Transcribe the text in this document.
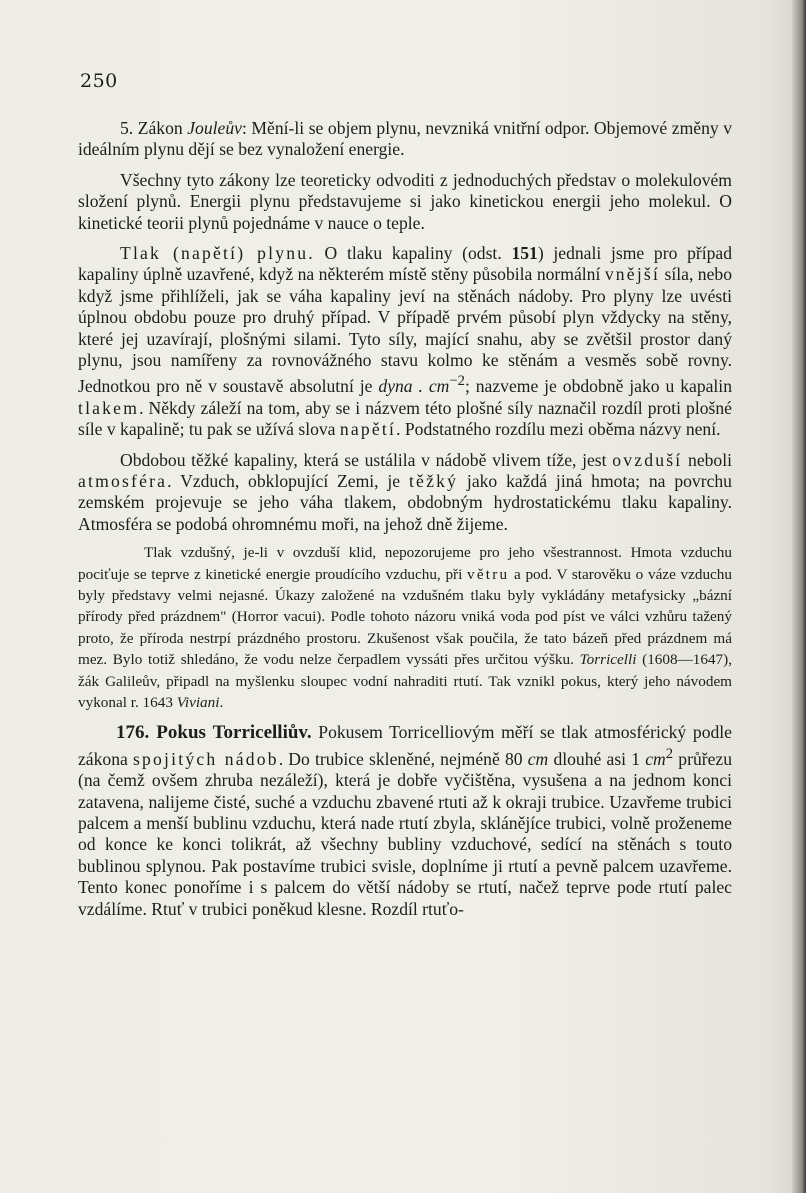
250

5. Zákon Jouleův: Mění-li se objem plynu, nevzniká vnitřní odpor. Objemové změny v ideálním plynu dějí se bez vynaložení energie.

Všechny tyto zákony lze teoreticky odvoditi z jednoduchých představ o molekulovém složení plynů. Energii plynu představujeme si jako kinetickou energii jeho molekul. O kinetické teorii plynů pojednáme v nauce o teple.

Tlak (napětí) plynu. O tlaku kapaliny (odst. 151) jednali jsme pro případ kapaliny úplně uzavřené, když na některém místě stěny působila normální vnější síla, nebo když jsme přihlíželi, jak se váha kapaliny jeví na stěnách nádoby. Pro plyny lze uvésti úplnou obdobu pouze pro druhý případ. V případě prvém působí plyn vždycky na stěny, které jej uzavírají, plošnými silami. Tyto síly, mající snahu, aby se zvětšil prostor daný plynu, jsou namířeny za rovnovážného stavu kolmo ke stěnám a vesměs sobě rovny. Jednotkou pro ně v soustavě absolutní je dyna . $cm^{-2}$; nazveme je obdobně jako u kapalin tlakem. Někdy záleží na tom, aby se i názvem této plošné síly naznačil rozdíl proti plošné síle v kapalině; tu pak se užívá slova napětí. Podstatného rozdílu mezi oběma názvy není.

Obdobou těžké kapaliny, která se ustálila v nádobě vlivem tíže, jest ovzduší neboli atmosféra. Vzduch, obklopující Zemi, je těžký jako každá jiná hmota; na povrchu zemském projevuje se jeho váha tlakem, obdobným hydrostatickému tlaku kapaliny. Atmosféra se podobá ohromnému moři, na jehož dně žijeme.

Tlak vzdušný, je-li v ovzduší klid, nepozorujeme pro jeho všestrannost. Hmota vzduchu pociťuje se teprve z kinetické energie proudícího vzduchu, při větru a pod. V starověku o váze vzduchu byly představy velmi nejasné. Úkazy založené na vzdušném tlaku byly vykládány metafysicky „bázní přírody před prázdnem" (Horror vacui). Podle tohoto názoru vniká voda pod píst ve válci vzhůru tažený proto, že příroda nestrpí prázdného prostoru. Zkušenost však poučila, že tato bázeň před prázdnem má mez. Bylo totiž shledáno, že vodu nelze čerpadlem vyssáti přes určitou výšku. Torricelli (1608—1647), žák Galileův, připadl na myšlenku sloupec vodní nahraditi rtutí. Tak vznikl pokus, který jeho návodem vykonal r. 1643 Viviani.

176. Pokus Torricelliův. Pokusem Torricelliovým měří se tlak atmosférický podle zákona spojitých nádob. Do trubice skleněné, nejméně 80 cm dlouhé asi 1 $cm^2$ průřezu (na čemž ovšem zhruba nezáleží), která je dobře vyčištěna, vysušena a na jednom konci zatavena, nalijeme čisté, suché a vzduchu zbavené rtuti až k okraji trubice. Uzavřeme trubici palcem a menší bublinu vzduchu, která nade rtutí zbyla, sklánějíce trubici, volně proženeme od konce ke konci tolikrát, až všechny bubliny vzduchové, sedící na stěnách s touto bublinou splynou. Pak postavíme trubici svisle, doplníme ji rtutí a pevně palcem uzavřeme. Tento konec ponoříme i s palcem do větší nádoby se rtutí, načež teprve pode rtutí palec vzdálíme. Rtuť v trubici poněkud klesne. Rozdíl rtuťo-
